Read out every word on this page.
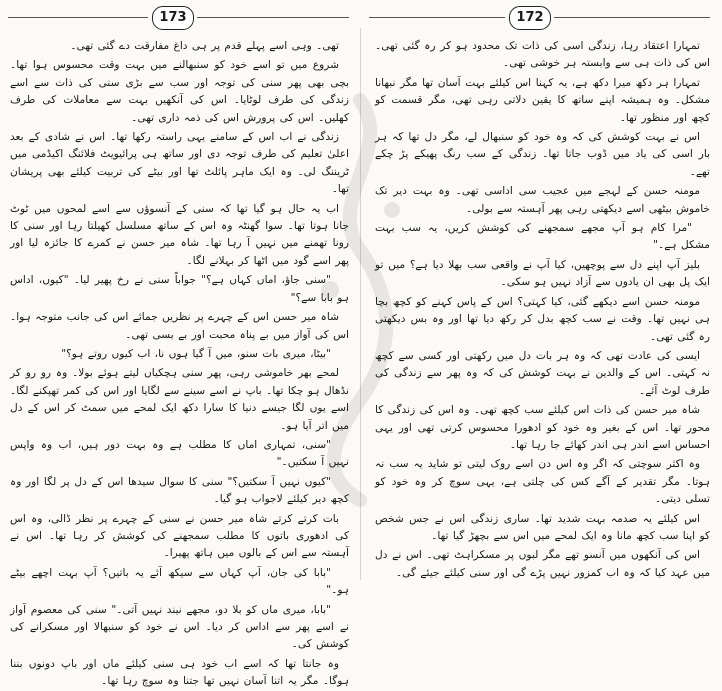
173

تھی۔ وہی اسے پہلے قدم پر ہی داغ مفارقت دے گئی تھی۔

شروع میں تو اسے خود کو سنبھالنے میں بہت وقت محسوس ہوا تھا۔ بچی بھی پھر سنی کی توجہ اور سب سے بڑی سنی کی ذات سے اسے زندگی کی طرف لوٹایا۔ اس کی آنکھیں بہت سے معاملات کی طرف کھلیں۔ اس کی پرورش اس کی ذمہ داری تھی۔

زندگی نے اب اس کے سامنے یہی راستہ رکھا تھا۔ اس نے شادی کے بعد اعلیٰ تعلیم کی طرف توجہ دی اور ساتھ ہی پرائیویٹ فلائنگ اکیڈمی میں ٹریننگ لی۔ وہ ایک ماہر پائلٹ تھا اور بیٹے کی تربیت کیلئے بھی پریشان تھا۔

اب یہ حال ہو گیا تھا کہ سنی کے آنسوؤں سے اسے لمحوں میں ٹوٹ جانا ہوتا تھا۔ سوا گھنٹہ وہ اس کے ساتھ مسلسل کھیلتا رہا اور سنی کا رونا تھمنے میں نہیں آ رہا تھا۔ شاہ میر حسن نے کمرے کا جائزہ لیا اور پھر اسے گود میں اٹھا کر بہلانے لگا۔

"سنی جاؤ، اماں کہاں ہے؟" جواباً سنی نے رخ پھیر لیا۔ "کیوں، اداس ہو بابا سے؟"

شاہ میر حسن اس کے چہرے پر نظریں جمائے اس کی جانب متوجہ ہوا۔ اس کی آواز میں بے پناہ محبت اور بے بسی تھی۔

"بیٹا، میری بات سنو، میں آ گیا ہوں نا، اب کیوں روتے ہو؟"

لمحے بھر خاموشی رہی، پھر سنی ہچکیاں لیتے ہوئے بولا۔ وہ رو رو کر نڈھال ہو چکا تھا۔ باپ نے اسے سینے سے لگایا اور اس کی کمر تھپکنے لگا۔ اسے یوں لگا جیسے دنیا کا سارا دکھ ایک لمحے میں سمٹ کر اس کے دل میں اتر آیا ہو۔

"سنی، تمہاری اماں کا مطلب ہے وہ بہت دور ہیں، اب وہ واپس نہیں آ سکتیں۔"

"کیوں نہیں آ سکتیں؟" سنی کا سوال سیدھا اس کے دل پر لگا اور وہ کچھ دیر کیلئے لاجواب ہو گیا۔

بات کرتے کرتے شاہ میر حسن نے سنی کے چہرے پر نظر ڈالی، وہ اس کی ادھوری باتوں کا مطلب سمجھنے کی کوشش کر رہا تھا۔ اس نے آہستہ سے اس کے بالوں میں ہاتھ پھیرا۔

"بابا کی جان، آپ کہاں سے سیکھ آئے یہ باتیں؟ آپ بہت اچھے بیٹے ہو۔"

"بابا، میری ماں کو بلا دو، مجھے نیند نہیں آتی۔" سنی کی معصوم آواز نے اسے پھر سے اداس کر دیا۔ اس نے خود کو سنبھالا اور مسکرانے کی کوشش کی۔

وہ جانتا تھا کہ اسے اب خود ہی سنی کیلئے ماں اور باپ دونوں بننا ہوگا۔ مگر یہ اتنا آسان نہیں تھا جتنا وہ سوچ رہا تھا۔

172

تمہارا اعتقاد رہا، زندگی اسی کی ذات تک محدود ہو کر رہ گئی تھی۔ اس کی ذات ہی سے وابستہ ہر خوشی تھی۔

تمہارا ہر دکھ میرا دکھ ہے، یہ کہنا اس کیلئے بہت آسان تھا مگر نبھانا مشکل۔ وہ ہمیشہ اپنے ساتھ کا یقین دلاتی رہی تھی، مگر قسمت کو کچھ اور منظور تھا۔

اس نے بہت کوشش کی کہ وہ خود کو سنبھال لے، مگر دل تھا کہ ہر بار اسی کی یاد میں ڈوب جاتا تھا۔ زندگی کے سب رنگ پھیکے پڑ چکے تھے۔

مومنہ حسن کے لہجے میں عجیب سی اداسی تھی۔ وہ بہت دیر تک خاموش بیٹھی اسے دیکھتی رہی پھر آہستہ سے بولی۔

"مرا کام ہو آپ مجھے سمجھنے کی کوشش کریں، یہ سب بہت مشکل ہے۔"

بلیز آپ اپنے دل سے پوچھیں، کیا آپ نے واقعی سب بھلا دیا ہے؟ میں تو ایک پل بھی ان یادوں سے آزاد نہیں ہو سکی۔

مومنہ حسن اسے دیکھے گئی، کیا کہتی؟ اس کے پاس کہنے کو کچھ بچا ہی نہیں تھا۔ وقت نے سب کچھ بدل کر رکھ دیا تھا اور وہ بس دیکھتی رہ گئی تھی۔

ایسی کی عادت تھی کہ وہ ہر بات دل میں رکھتی اور کسی سے کچھ نہ کہتی۔ اس کے والدین نے بہت کوشش کی کہ وہ پھر سے زندگی کی طرف لوٹ آئے۔

شاہ میر حسن کی ذات اس کیلئے سب کچھ تھی۔ وہ اس کی زندگی کا محور تھا۔ اس کے بغیر وہ خود کو ادھورا محسوس کرتی تھی اور یہی احساس اسے اندر ہی اندر کھائے جا رہا تھا۔

وہ اکثر سوچتی کہ اگر وہ اس دن اسے روک لیتی تو شاید یہ سب نہ ہوتا۔ مگر تقدیر کے آگے کس کی چلتی ہے، یہی سوچ کر وہ خود کو تسلی دیتی۔

اس کیلئے یہ صدمہ بہت شدید تھا۔ ساری زندگی اس نے جس شخص کو اپنا سب کچھ مانا وہ ایک لمحے میں اس سے بچھڑ گیا تھا۔

اس کی آنکھوں میں آنسو تھے مگر لبوں پر مسکراہٹ تھی۔ اس نے دل میں عہد کیا کہ وہ اب کمزور نہیں پڑے گی اور سنی کیلئے جیئے گی۔
